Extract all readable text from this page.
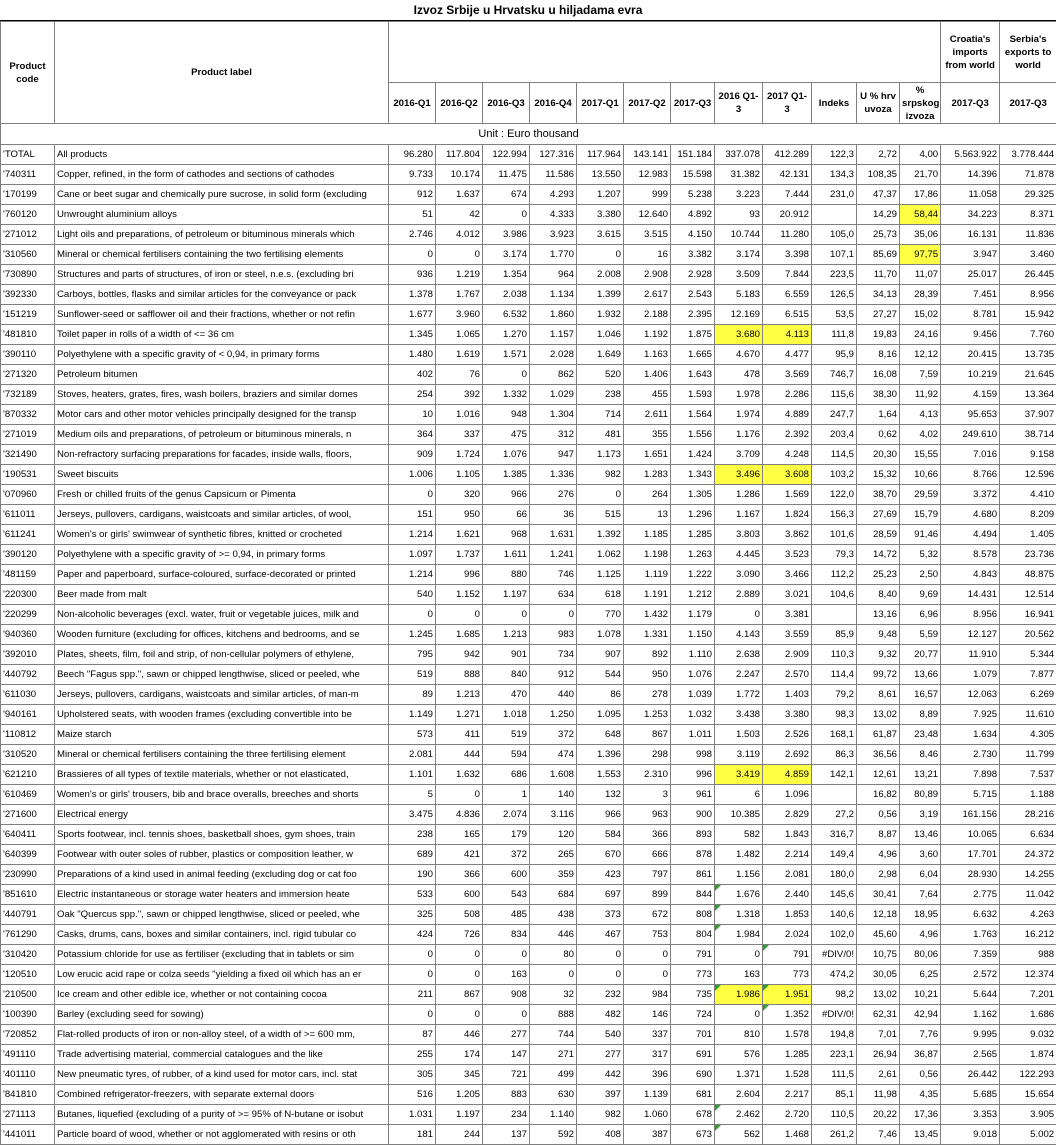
Izvoz Srbije u Hrvatsku u hiljadama evra
Unit : Euro thousand															
Product code	Product label													Croatia's imports from world	Serbia's exports to world
		2016-Q1	2016-Q2	2016-Q3	2016-Q4	2017-Q1	2017-Q2	2017-Q3	2016 Q1-3	2017 Q1-3	Indeks	U % hrv uvoza	% srpskog izvoza	2017-Q3	2017-Q3
'TOTAL	All products	96.280	117.804	122.994	127.316	117.964	143.141	151.184	337.078	412.289	122,3	2,72	4,00	5.563.922	3.778.444
'740311	Copper, refined, in the form of cathodes and sections of cathodes	9.733	10.174	11.475	11.586	13.550	12.983	15.598	31.382	42.131	134,3	108,35	21,70	14.396	71.878
'170199	Cane or beet sugar and chemically pure sucrose, in solid form (excluding	912	1.637	674	4.293	1.207	999	5.238	3.223	7.444	231,0	47,37	17,86	11.058	29.325
'760120	Unwrought aluminium alloys	51	42	0	4.333	3.380	12.640	4.892	93	20.912		14,29	58,44	34.223	8.371
'271012	Light oils and preparations, of petroleum or bituminous minerals which	2.746	4.012	3.986	3.923	3.615	3.515	4.150	10.744	11.280	105,0	25,73	35,06	16.131	11.836
'310560	Mineral or chemical fertilisers containing the two fertilising elements	0	0	3.174	1.770	0	16	3.382	3.174	3.398	107,1	85,69	97,75	3.947	3.460
'730890	Structures and parts of structures, of iron or steel, n.e.s. (excluding bri	936	1.219	1.354	964	2.008	2.908	2.928	3.509	7.844	223,5	11,70	11,07	25.017	26.445
'392330	Carboys, bottles, flasks and similar articles for the conveyance or pack	1.378	1.767	2.038	1.134	1.399	2.617	2.543	5.183	6.559	126,5	34,13	28,39	7.451	8.956
'151219	Sunflower-seed or safflower oil and their fractions, whether or not refin	1.677	3.960	6.532	1.860	1.932	2.188	2.395	12.169	6.515	53,5	27,27	15,02	8.781	15.942
'481810	Toilet paper in rolls of a width of <= 36 cm	1.345	1.065	1.270	1.157	1.046	1.192	1.875	3.680	4.113	111,8	19,83	24,16	9.456	7.760
'390110	Polyethylene with a specific gravity of < 0,94, in primary forms	1.480	1.619	1.571	2.028	1.649	1.163	1.665	4.670	4.477	95,9	8,16	12,12	20.415	13.735
'271320	Petroleum bitumen	402	76	0	862	520	1.406	1.643	478	3.569	746,7	16,08	7,59	10.219	21.645
'732189	Stoves, heaters, grates, fires, wash boilers, braziers and similar domes	254	392	1.332	1.029	238	455	1.593	1.978	2.286	115,6	38,30	11,92	4.159	13.364
'870332	Motor cars and other motor vehicles principally designed for the transp	10	1.016	948	1.304	714	2.611	1.564	1.974	4.889	247,7	1,64	4,13	95.653	37.907
'271019	Medium oils and preparations, of petroleum or bituminous minerals, n	364	337	475	312	481	355	1.556	1.176	2.392	203,4	0,62	4,02	249.610	38.714
'321490	Non-refractory surfacing preparations for facades, inside walls, floors,	909	1.724	1.076	947	1.173	1.651	1.424	3.709	4.248	114,5	20,30	15,55	7.016	9.158
'190531	Sweet biscuits	1.006	1.105	1.385	1.336	982	1.283	1.343	3.496	3.608	103,2	15,32	10,66	8.766	12.596
'070960	Fresh or chilled fruits of the genus Capsicum or Pimenta	0	320	966	276	0	264	1.305	1.286	1.569	122,0	38,70	29,59	3.372	4.410
'611011	Jerseys, pullovers, cardigans, waistcoats and similar articles, of wool,	151	950	66	36	515	13	1.296	1.167	1.824	156,3	27,69	15,79	4.680	8.209
'611241	Women's or girls' swimwear of synthetic fibres, knitted or crocheted	1.214	1.621	968	1.631	1.392	1.185	1.285	3.803	3.862	101,6	28,59	91,46	4.494	1.405
'390120	Polyethylene with a specific gravity of >= 0,94, in primary forms	1.097	1.737	1.611	1.241	1.062	1.198	1.263	4.445	3.523	79,3	14,72	5,32	8.578	23.736
'481159	Paper and paperboard, surface-coloured, surface-decorated or printed	1.214	996	880	746	1.125	1.119	1.222	3.090	3.466	112,2	25,23	2,50	4.843	48.875
'220300	Beer made from malt	540	1.152	1.197	634	618	1.191	1.212	2.889	3.021	104,6	8,40	9,69	14.431	12.514
'220299	Non-alcoholic beverages (excl. water, fruit or vegetable juices, milk and	0	0	0	0	770	1.432	1.179	0	3.381		13,16	6,96	8.956	16.941
'940360	Wooden furniture (excluding for offices, kitchens and bedrooms, and se	1.245	1.685	1.213	983	1.078	1.331	1.150	4.143	3.559	85,9	9,48	5,59	12.127	20.562
'392010	Plates, sheets, film, foil and strip, of non-cellular polymers of ethylene,	795	942	901	734	907	892	1.110	2.638	2.909	110,3	9,32	20,77	11.910	5.344
'440792	Beech "Fagus spp.", sawn or chipped lengthwise, sliced or peeled, whe	519	888	840	912	544	950	1.076	2.247	2.570	114,4	99,72	13,66	1.079	7.877
'611030	Jerseys, pullovers, cardigans, waistcoats and similar articles, of man-m	89	1.213	470	440	86	278	1.039	1.772	1.403	79,2	8,61	16,57	12.063	6.269
'940161	Upholstered seats, with wooden frames (excluding convertible into be	1.149	1.271	1.018	1.250	1.095	1.253	1.032	3.438	3.380	98,3	13,02	8,89	7.925	11.610
'110812	Maize starch	573	411	519	372	648	867	1.011	1.503	2.526	168,1	61,87	23,48	1.634	4.305
'310520	Mineral or chemical fertilisers containing the three fertilising element	2.081	444	594	474	1.396	298	998	3.119	2.692	86,3	36,56	8,46	2.730	11.799
'621210	Brassieres of all types of textile materials, whether or not elasticated,	1.101	1.632	686	1.608	1.553	2.310	996	3.419	4.859	142,1	12,61	13,21	7.898	7.537
'610469	Women's or girls' trousers, bib and brace overalls, breeches and shorts	5	0	1	140	132	3	961	6	1.096		16,82	80,89	5.715	1.188
'271600	Electrical energy	3.475	4.836	2.074	3.116	966	963	900	10.385	2.829	27,2	0,56	3,19	161.156	28.216
'640411	Sports footwear, incl. tennis shoes, basketball shoes, gym shoes, train	238	165	179	120	584	366	893	582	1.843	316,7	8,87	13,46	10.065	6.634
'640399	Footwear with outer soles of rubber, plastics or composition leather, w	689	421	372	265	670	666	878	1.482	2.214	149,4	4,96	3,60	17.701	24.372
'230990	Preparations of a kind used in animal feeding (excluding dog or cat foo	190	366	600	359	423	797	861	1.156	2.081	180,0	2,98	6,04	28.930	14.255
'851610	Electric instantaneous or storage water heaters and immersion heate	533	600	543	684	697	899	844	1.676	2.440	145,6	30,41	7,64	2.775	11.042
'440791	Oak "Quercus spp.", sawn or chipped lengthwise, sliced or peeled, whe	325	508	485	438	373	672	808	1.318	1.853	140,6	12,18	18,95	6.632	4.263
'761290	Casks, drums, cans, boxes and similar containers, incl. rigid tubular co	424	726	834	446	467	753	804	1.984	2.024	102,0	45,60	4,96	1.763	16.212
'310420	Potassium chloride for use as fertiliser (excluding that in tablets or sim	0	0	0	80	0	0	791	0	791	#DIV/0!	10,75	80,06	7.359	988
'120510	Low erucic acid rape or colza seeds "yielding a fixed oil which has an er	0	0	163	0	0	0	773	163	773	474,2	30,05	6,25	2.572	12.374
'210500	Ice cream and other edible ice, whether or not containing cocoa	211	867	908	32	232	984	735	1.986	1.951	98,2	13,02	10,21	5.644	7.201
'100390	Barley (excluding seed for sowing)	0	0	0	888	482	146	724	0	1.352	#DIV/0!	62,31	42,94	1.162	1.686
'720852	Flat-rolled products of iron or non-alloy steel, of a width of >= 600 mm,	87	446	277	744	540	337	701	810	1.578	194,8	7,01	7,76	9.995	9.032
'491110	Trade advertising material, commercial catalogues and the like	255	174	147	271	277	317	691	576	1.285	223,1	26,94	36,87	2.565	1.874
'401110	New pneumatic tyres, of rubber, of a kind used for motor cars, incl. stat	305	345	721	499	442	396	690	1.371	1.528	111,5	2,61	0,56	26.442	122.293
'841810	Combined refrigerator-freezers, with separate external doors	516	1.205	883	630	397	1.139	681	2.604	2.217	85,1	11,98	4,35	5.685	15.654
'271113	Butanes, liquefied (excluding of a purity of >= 95% of N-butane or isobut	1.031	1.197	234	1.140	982	1.060	678	2.462	2.720	110,5	20,22	17,36	3.353	3.905
'441011	Particle board of wood, whether or not agglomerated with resins or oth	181	244	137	592	408	387	673	562	1.468	261,2	7,46	13,45	9.018	5.002
